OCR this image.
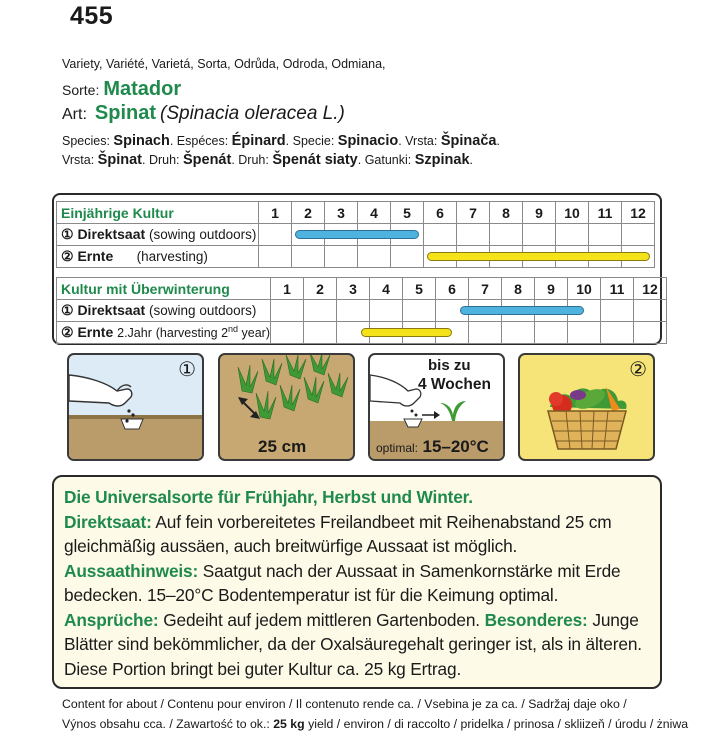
455
Variety, Variété, Varietá, Sorta, Odrůda, Odroda, Odmiana,
Sorte: Matador
Art: Spinat (Spinacia oleracea L.)
Species: Spinach. Espéces: Épinard. Specie: Spinacio. Vrsta: Špinača.
Vrsta: Špinat. Druh: Špenát. Druh: Špenát siaty. Gatunki: Szpinak.
Einjährige Kultur	1	2	3	4	5	6	7	8	9	10	11	12
① Direktsaat (sowing outdoors)												
② Ernte (harvesting)												
Kultur mit Überwinterung	1	2	3	4	5	6	7	8	9	10	11	12
① Direktsaat (sowing outdoors)												
② Ernte 2.Jahr (harvesting 2nd year)												
①
25 cm
bis zu
4 Wochen
optimal: 15–20°C
②

Die Universalsorte für Frühjahr, Herbst und Winter.

Direktsaat: Auf fein vorbereitetes Freilandbeet mit Reihenabstand 25 cm gleichmäßig aussäen, auch breitwürfige Aussaat ist möglich.

Aussaathinweis: Saatgut nach der Aussaat in Samenkornstärke mit Erde bedecken. 15–20°C Bodentemperatur ist für die Keimung optimal.

Ansprüche: Gedeiht auf jedem mittleren Gartenboden. Besonderes: Junge Blätter sind bekömmlicher, da der Oxalsäuregehalt geringer ist, als in älteren. Diese Portion bringt bei guter Kultur ca. 25 kg Ertrag.

Content for about / Contenu pour environ / Il contenuto rende ca. / Vsebina je za ca. / Sadržaj daje oko /
Výnos obsahu cca. / Zawartość to ok.: 25 kg yield / environ / di raccolto / pridelka / prinosa / skliizeň / úrodu / żniwa
